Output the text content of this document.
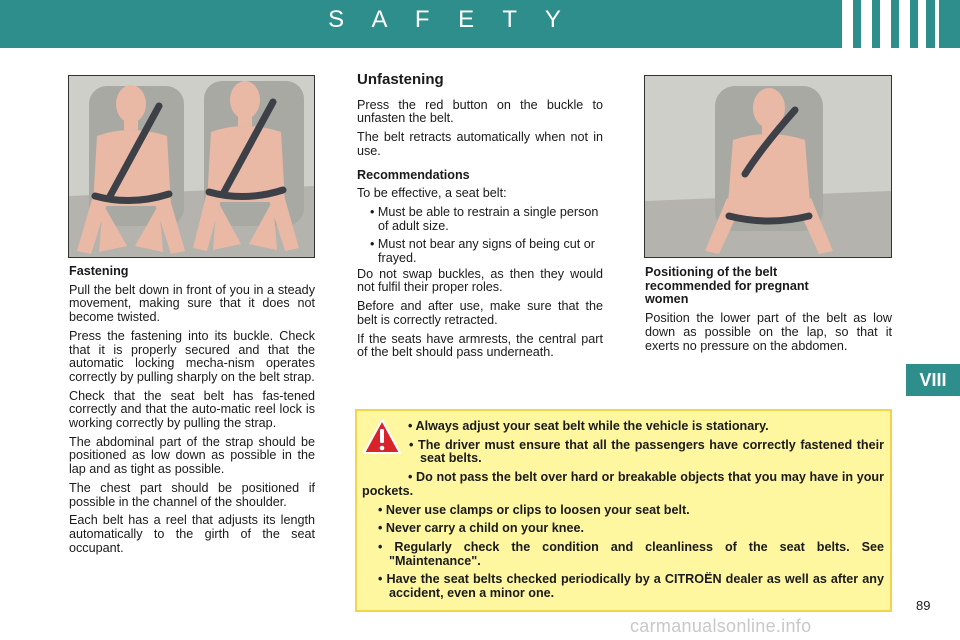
S A F E T Y
VIII
Fastening

Pull the belt down in front of you in a steady movement, making sure that it does not become twisted.

Press the fastening into its buckle. Check that it is properly secured and that the automatic locking mecha-nism operates correctly by pulling sharply on the belt strap.

Check that the seat belt has fas-tened correctly and that the auto-matic reel lock is working correctly by pulling the strap.

The abdominal part of the strap should be positioned as low down as possible in the lap and as tight as possible.

The chest part should be positioned if possible in the channel of the shoulder.

Each belt has a reel that adjusts its length automatically to the girth of the seat occupant.

Unfastening

Press the red button on the buckle to unfasten the belt.

The belt retracts automatically when not in use.

Recommendations

To be effective, a seat belt:

• Must be able to restrain a single person of adult size.
• Must not bear any signs of being cut or frayed.

Do not swap buckles, as then they would not fulfil their proper roles.

Before and after use, make sure that the belt is correctly retracted.

If the seats have armrests, the central part of the belt should pass underneath.

Positioning of the belt recommended for pregnant women

Position the lower part of the belt as low down as possible on the lap, so that it exerts no pressure on the abdomen.

• Always adjust your seat belt while the vehicle is stationary.
• The driver must ensure that all the passengers have correctly fastened their seat belts.
• Do not pass the belt over hard or breakable objects that you may have in your pockets.
• Never use clamps or clips to loosen your seat belt.
• Never carry a child on your knee.
• Regularly check the condition and cleanliness of the seat belts. See "Maintenance".
• Have the seat belts checked periodically by a CITROËN dealer as well as after any accident, even a minor one.
89
carmanualsonline.info
